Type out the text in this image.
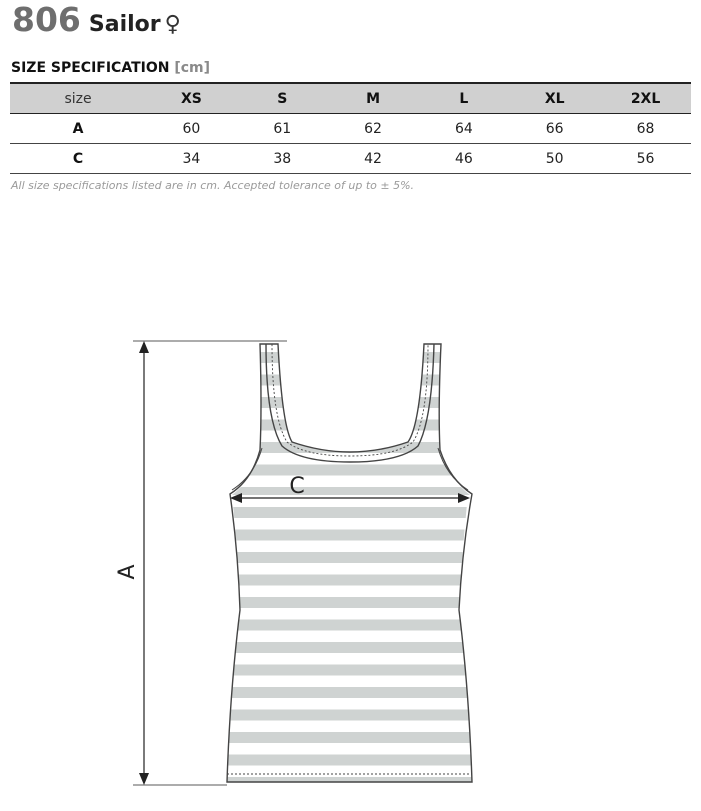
806 Sailor ♀
SIZE SPECIFICATION [cm]
size	XS	S	M	L	XL	2XL
A	60	61	62	64	66	68
C	34	38	42	46	50	56
All size specifications listed are in cm. Accepted tolerance of up to ± 5%.
A
C
